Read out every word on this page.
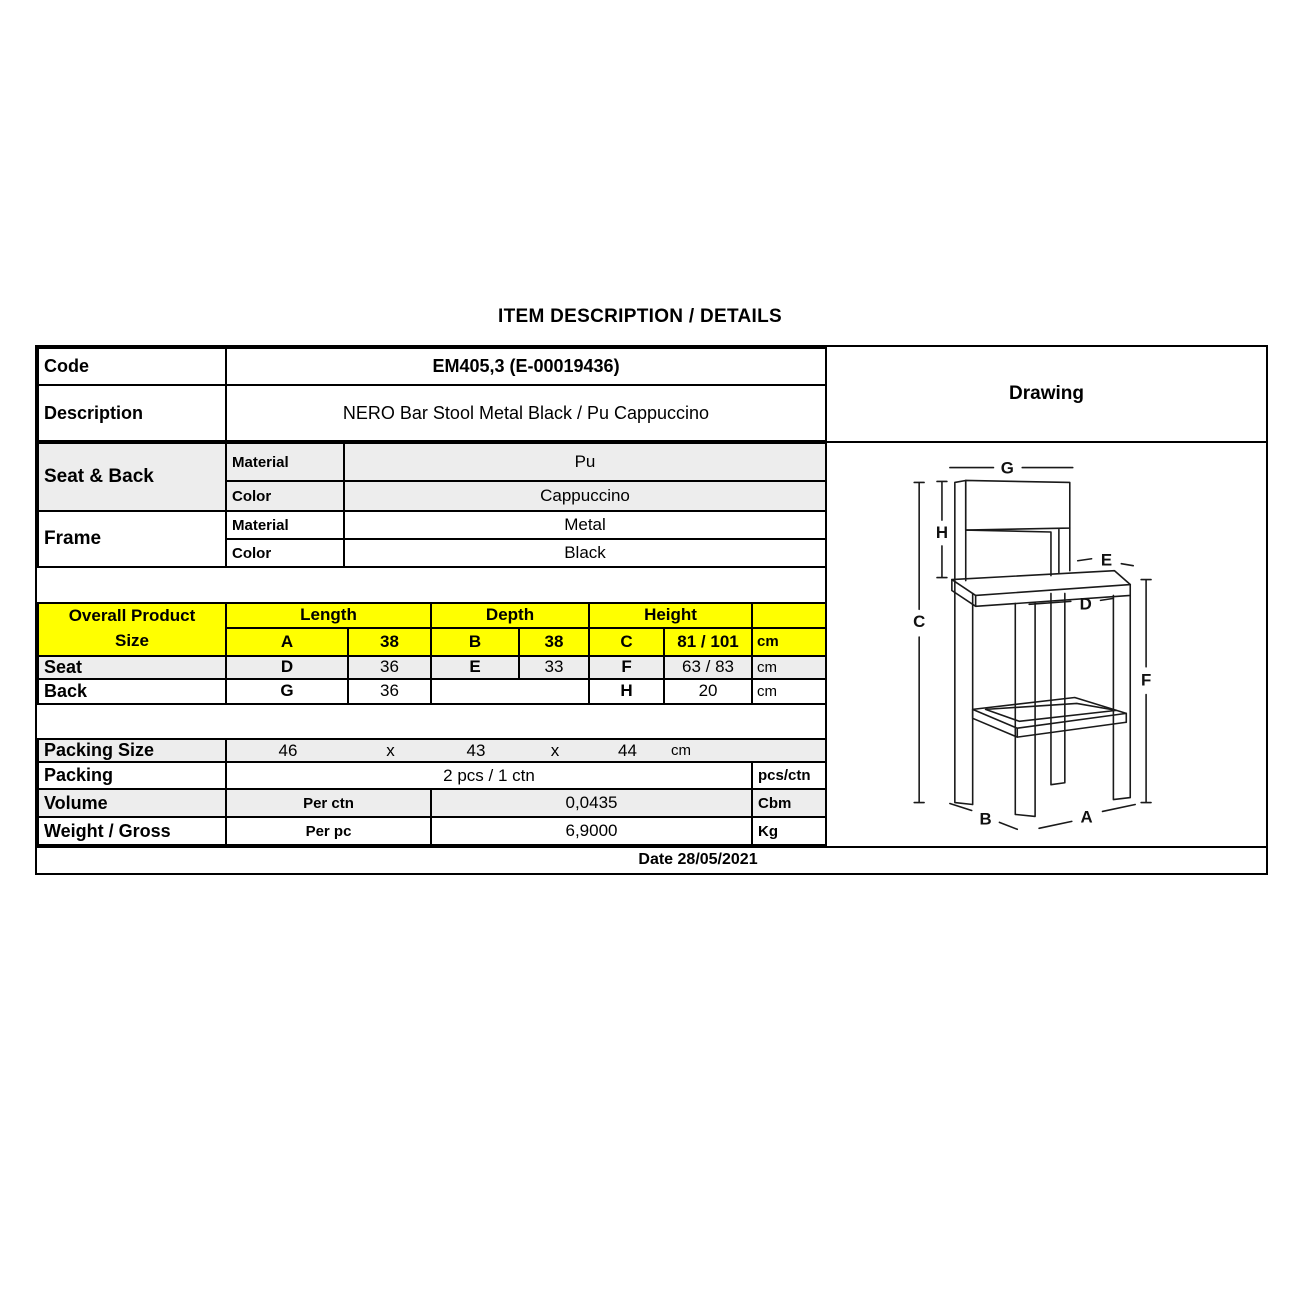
ITEM DESCRIPTION / DETAILS
Code	EM405,3 (E-00019436)
Description	NERO Bar Stool Metal Black / Pu Cappuccino
Seat & Back	Material	Pu
	Color	Cappuccino
Frame	Material	Metal
	Color	Black
Overall Product
Size	Length		Depth		Height		
	A	38	B	38	C	81 / 101	cm
Seat	D	36	E	33	F	63 / 83	cm
Back	G	36			H	20	cm
Packing Size	46	x	43	x	44	cm

Packing	2 pcs / 1 ctn		pcs/ctn
Volume	Per ctn	0,0435	Cbm
Weight / Gross	Per pc	6,9000	Kg
Drawing
G
H
C
E
D
F
A
B
Date 28/05/2021
